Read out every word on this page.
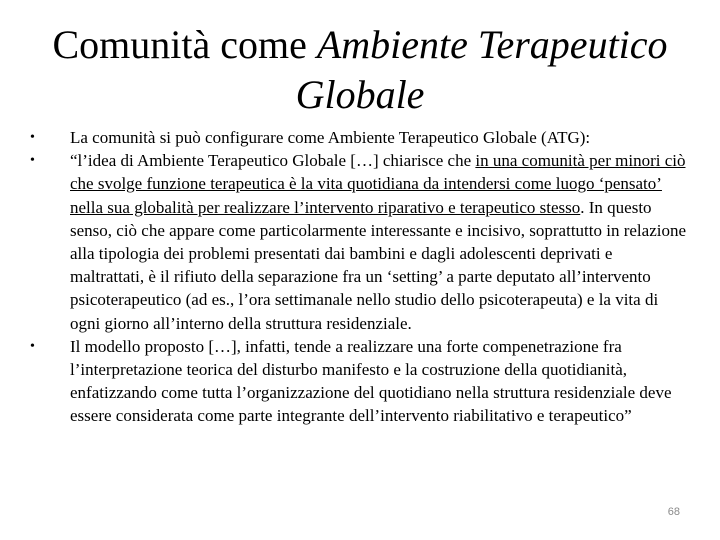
Comunità come Ambiente Terapeutico
Globale
•	La comunità si può configurare come Ambiente Terapeutico Globale (ATG):
•	“l’idea di Ambiente Terapeutico Globale […] chiarisce che in una comunità per minori ciò che svolge funzione terapeutica è la vita quotidiana da intendersi come luogo ‘pensato’ nella sua globalità per realizzare l’intervento riparativo e terapeutico stesso. In questo senso, ciò che appare come particolarmente interessante e incisivo, soprattutto in relazione alla tipologia dei problemi presentati dai bambini e dagli adolescenti deprivati e maltrattati, è il rifiuto della separazione fra un ‘setting’ a parte deputato all’intervento psicoterapeutico (ad es., l’ora settimanale nello studio dello psicoterapeuta) e la vita di ogni giorno all’interno della struttura residenziale.
•	Il modello proposto […], infatti, tende a realizzare una forte compenetrazione fra l’interpretazione teorica del disturbo manifesto e la costruzione della quotidianità, enfatizzando come tutta l’organizzazione del quotidiano nella struttura residenziale deve essere considerata come parte integrante dell’intervento riabilitativo e terapeutico”
68
